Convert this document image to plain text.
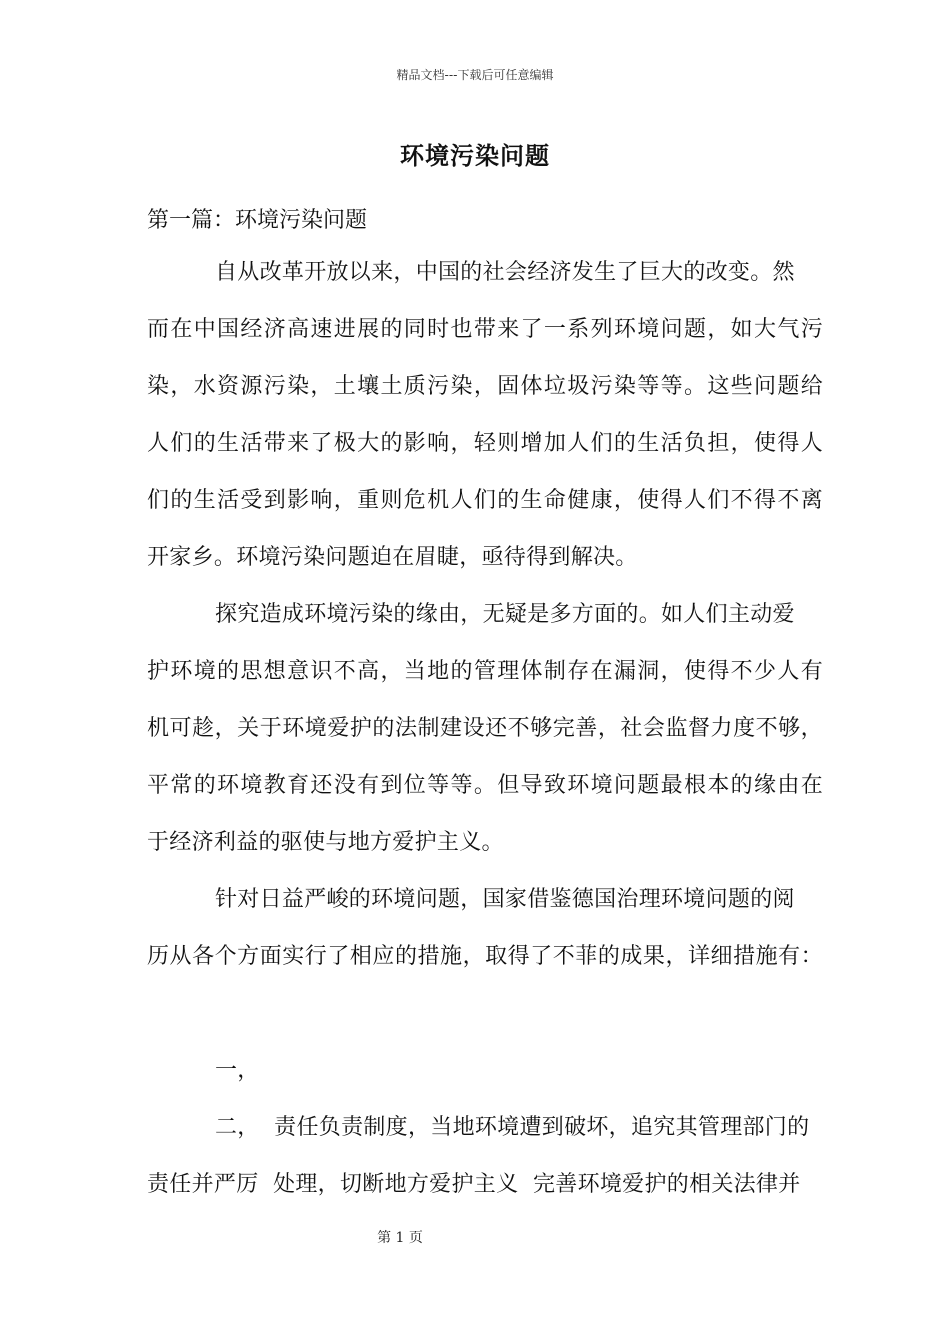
精品文档---下载后可任意编辑
环境污染问题
第一篇：环境污染问题
自从改革开放以来，中国的社会经济发生了巨大的改变。然
而在中国经济高速进展的同时也带来了一系列环境问题，如大气污
染，水资源污染，土壤土质污染，固体垃圾污染等等。这些问题给
人们的生活带来了极大的影响，轻则增加人们的生活负担，使得人
们的生活受到影响，重则危机人们的生命健康，使得人们不得不离
开家乡。环境污染问题迫在眉睫，亟待得到解决。
探究造成环境污染的缘由，无疑是多方面的。如人们主动爱
护环境的思想意识不高，当地的管理体制存在漏洞，使得不少人有
机可趁，关于环境爱护的法制建设还不够完善，社会监督力度不够，
平常的环境教育还没有到位等等。但导致环境问题最根本的缘由在
于经济利益的驱使与地方爱护主义。
针对日益严峻的环境问题，国家借鉴德国治理环境问题的阅
历从各个方面实行了相应的措施，取得了不菲的成果，详细措施有：
一，
二，  责任负责制度，当地环境遭到破坏，追究其管理部门的
责任并严厉  处理，切断地方爱护主义  完善环境爱护的相关法律并
第 1 页
